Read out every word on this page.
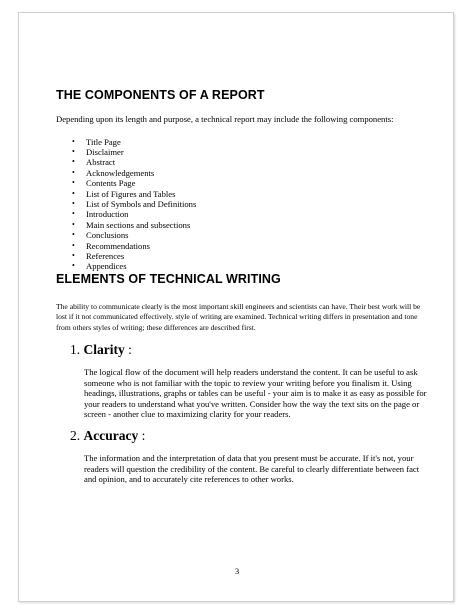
THE COMPONENTS OF A REPORT

Depending upon its length and purpose, a technical report may include the following components:

• Title Page
• Disclaimer
• Abstract
• Acknowledgements
• Contents Page
• List of Figures and Tables
• List of Symbols and Definitions
• Introduction
• Main sections and subsections
• Conclusions
• Recommendations
• References
• Appendices
ELEMENTS OF TECHNICAL WRITING

The ability to communicate clearly is the most important skill engineers and scientists can have. Their best work will be lost if it not communicated effectively. style of writing are examined. Technical writing differs in presentation and tone from others styles of writing; these differences are described first.

1. Clarity :

The logical flow of the document will help readers understand the content. It can be useful to ask someone who is not familiar with the topic to review your writing before you finalism it. Using headings, illustrations, graphs or tables can be useful - your aim is to make it as easy as possible for your readers to understand what you've written. Consider how the way the text sits on the page or screen - another clue to maximizing clarity for your readers.

2. Accuracy :

The information and the interpretation of data that you present must be accurate. If it's not, your readers will question the credibility of the content. Be careful to clearly differentiate between fact and opinion, and to accurately cite references to other works.

3
